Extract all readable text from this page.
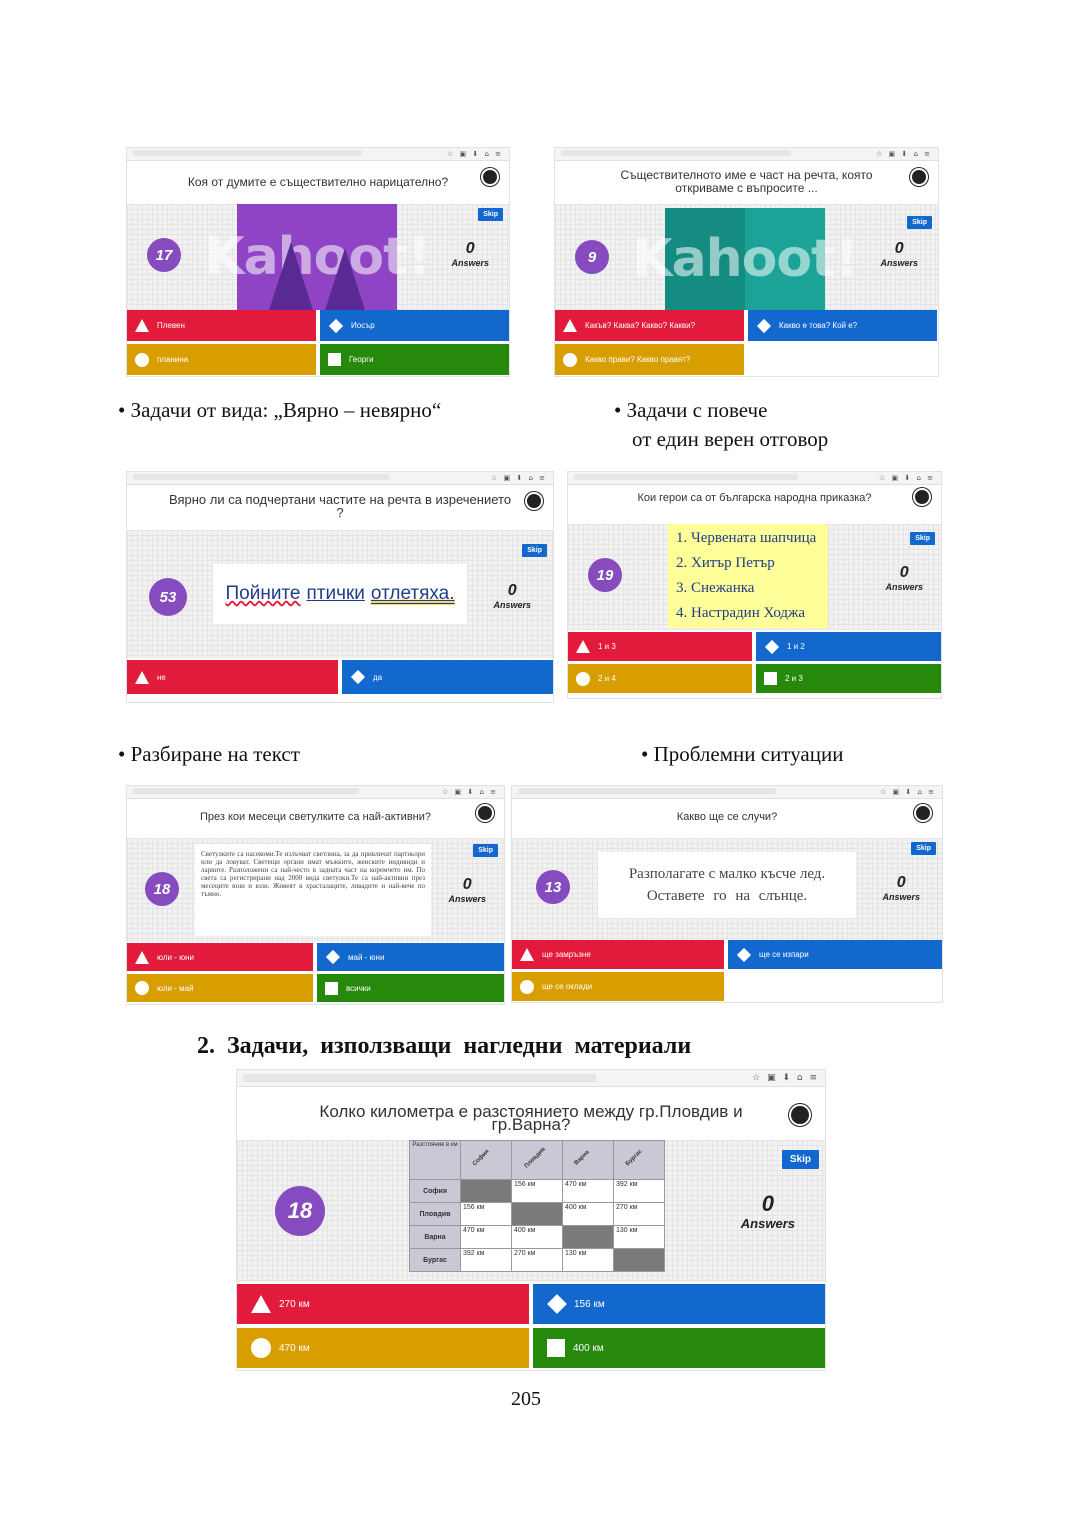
☆ ▣ ⬇ ⌂ ≡
Коя от думите е съществително нарицателно?
17 Kahoot!	0
Answers
Skip
Плевен	Иосър
планина	Георги
☆ ▣ ⬇ ⌂ ≡
Съществителното име е част на речта, която откриваме с въпросите ...
9 Kahoot!	0
Answers
Skip
Какъв? Каква? Какво? Какви?	Какво е това? Кой е?
Какво прави? Какво правят?
• Задачи от вида: „Вярно – невярно“	• Задачи с повече
от един верен отговор
☆ ▣ ⬇ ⌂ ≡
Вярно ли са подчертани частите на речта в изречението ?
53	Пойните птички отлетяха.	0
Answers
Skip
не	да
☆ ▣ ⬇ ⌂ ≡
Кои герои са от българска народна приказка?
19
1. Червената шапчица
2. Хитър Петър
3. Снежанка
4. Настрадин Ходжа
0
Answers
Skip
1 и 3	1 и 2
2 и 4	2 и 3
• Разбиране на текст	• Проблемни ситуации
☆ ▣ ⬇ ⌂ ≡
През кои месеци светулките са най-активни?
18
Светулките са насекоми.Те излъчват светлина, за да привличат партньори или да ловуват. Светещи органи имат мъжките, женските индивиди и ларвите. Разположени са най-често в задната част на коремчето им. По света са регистрирани над 2000 вида светулки.Те са най-активни през месеците юни и юли. Живеят в храсталаците, ливадите и най-вече по тъмно.
0
Answers
Skip
юли - юни	май - юни
юли - май	всички
☆ ▣ ⬇ ⌂ ≡
Какво ще се случи?
13
Разполагате с малко късче лед.
Оставете го на слънце.
0
Answers
Skip
ще замръзне	ще се изпари
ще се оклади
2. Задачи, използващи нагледни материали
☆ ▣ ⬇ ⌂ ≡
Колко километра е разстоянието между гр.Пловдив и гр.Варна?
18
Разстояние в км	София	Пловдив	Варна	Бургас

София		156 км	470 км	392 км
Пловдив	156 км		400 км	270 км
Варна	470 км	400 км		130 км
Бургас	392 км	270 км	130 км	
0
Answers
Skip
270 км	156 км
470 км	400 км
205
